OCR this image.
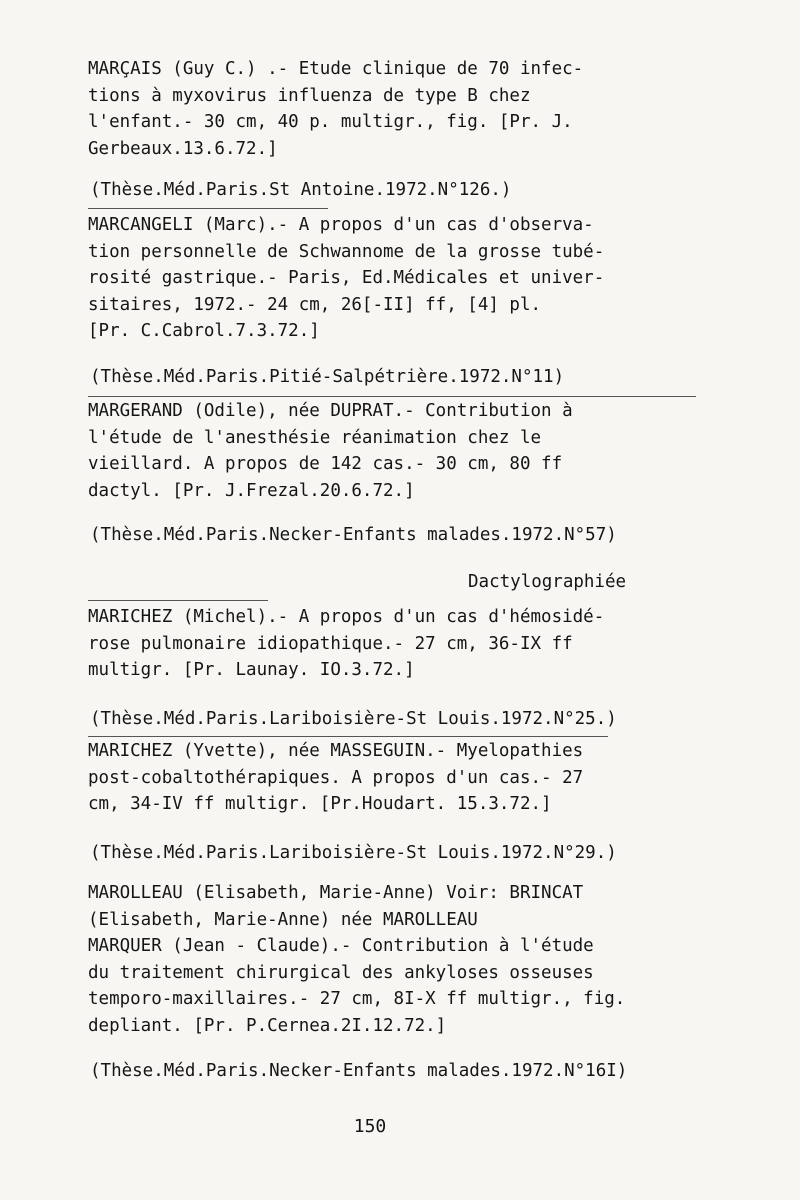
MARÇAIS (Guy C.) .- Etude clinique de 70 infec-
tions à myxovirus influenza de type B chez
l'enfant.- 30 cm, 40 p. multigr., fig. [Pr. J.
Gerbeaux.13.6.72.]
(Thèse.Méd.Paris.St Antoine.1972.N°126.)
MARCANGELI (Marc).- A propos d'un cas d'observa-
tion personnelle de Schwannome de la grosse tubé-
rosité gastrique.- Paris, Ed.Médicales et univer-
sitaires, 1972.- 24 cm, 26[-II] ff, [4] pl.
[Pr. C.Cabrol.7.3.72.]
(Thèse.Méd.Paris.Pitié-Salpétrière.1972.N°11)
MARGERAND (Odile), née DUPRAT.- Contribution à
l'étude de l'anesthésie réanimation chez le
vieillard. A propos de 142 cas.- 30 cm, 80 ff
dactyl. [Pr. J.Frezal.20.6.72.]
(Thèse.Méd.Paris.Necker-Enfants malades.1972.N°57)
Dactylographiée
MARICHEZ (Michel).- A propos d'un cas d'hémosidé-
rose pulmonaire idiopathique.- 27 cm, 36-IX ff
multigr. [Pr. Launay. IO.3.72.]
(Thèse.Méd.Paris.Lariboisière-St Louis.1972.N°25.)
MARICHEZ (Yvette), née MASSEGUIN.- Myelopathies
post-cobaltothérapiques. A propos d'un cas.- 27
cm, 34-IV ff multigr. [Pr.Houdart. 15.3.72.]
(Thèse.Méd.Paris.Lariboisière-St Louis.1972.N°29.)
MAROLLEAU (Elisabeth, Marie-Anne) Voir: BRINCAT
(Elisabeth, Marie-Anne) née MAROLLEAU
MARQUER (Jean - Claude).- Contribution à l'étude
du traitement chirurgical des ankyloses osseuses
temporo-maxillaires.- 27 cm, 8I-X ff multigr., fig.
depliant. [Pr. P.Cernea.2I.12.72.]
(Thèse.Méd.Paris.Necker-Enfants malades.1972.N°16I)
150
